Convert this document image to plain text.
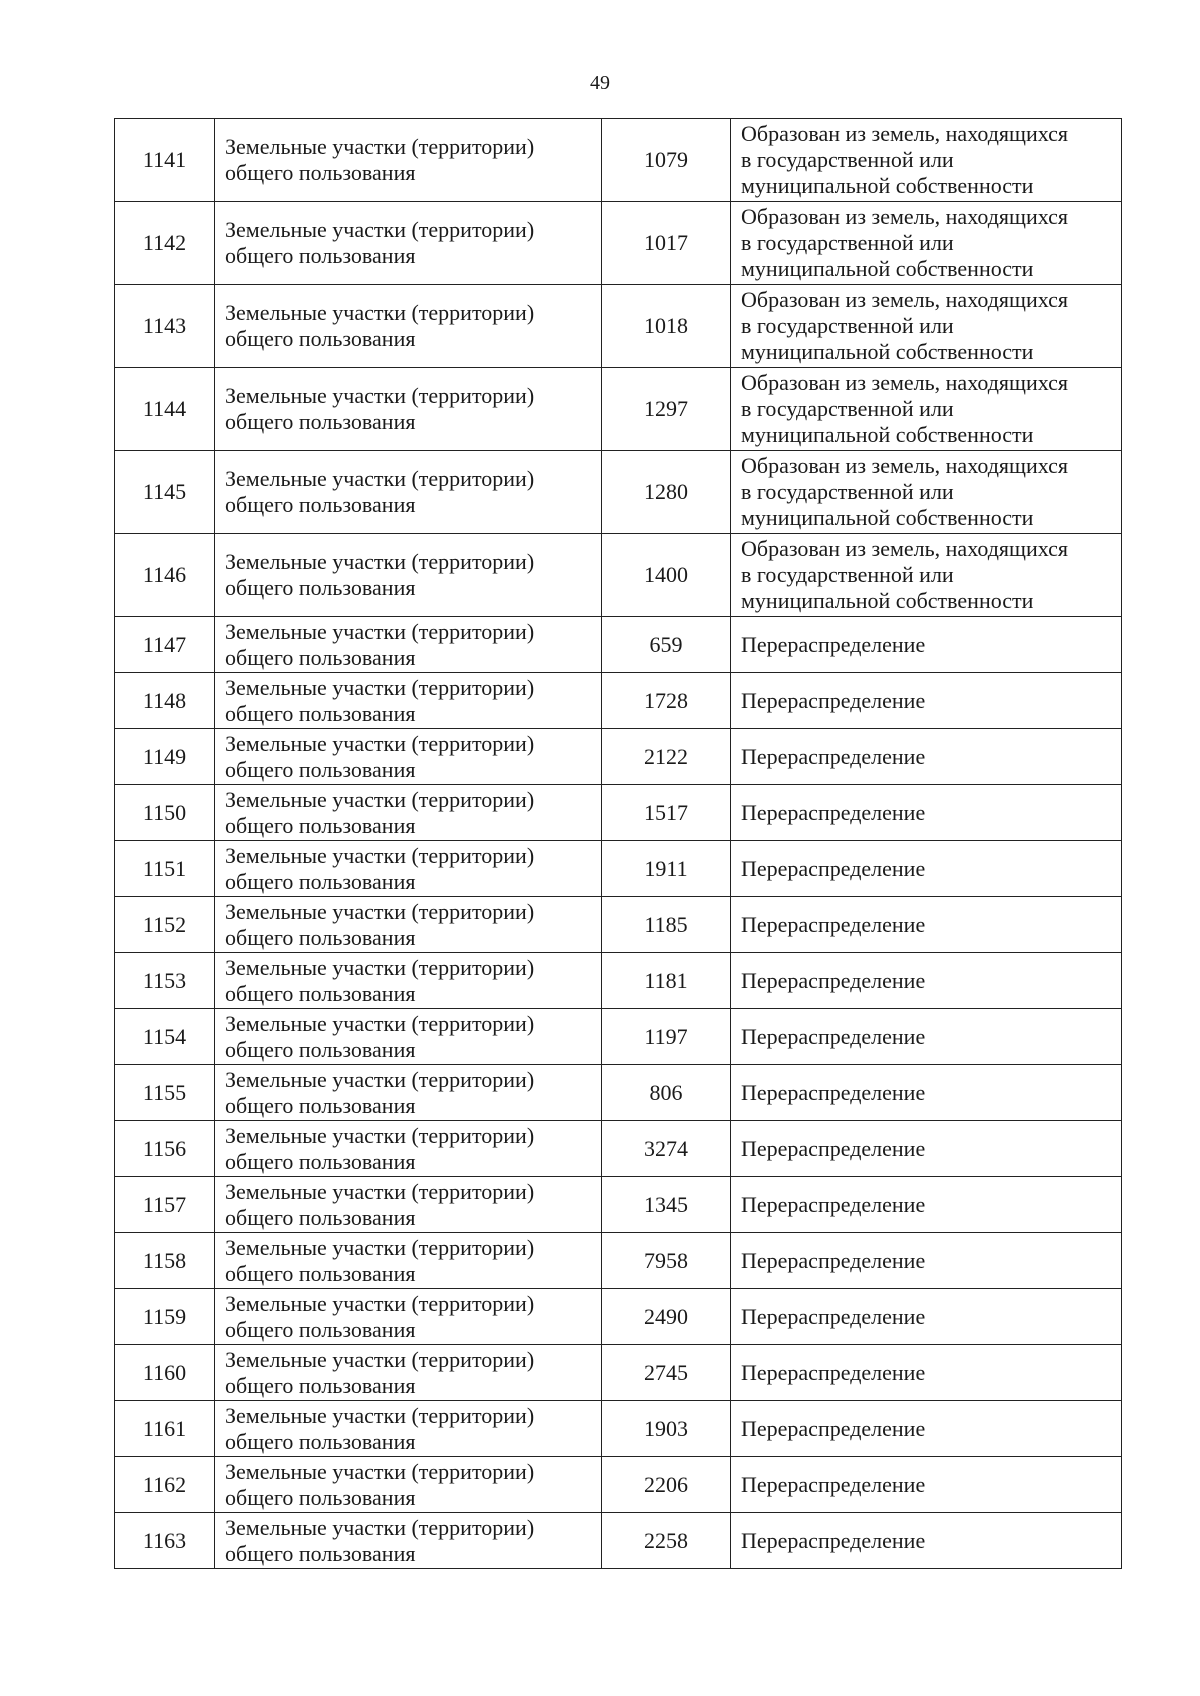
49
1141	Земельные участки (территории)
общего пользования	1079	Образован из земель, находящихся
в государственной или
муниципальной собственности

1142	Земельные участки (территории)
общего пользования	1017	Образован из земель, находящихся
в государственной или
муниципальной собственности

1143	Земельные участки (территории)
общего пользования	1018	Образован из земель, находящихся
в государственной или
муниципальной собственности

1144	Земельные участки (территории)
общего пользования	1297	Образован из земель, находящихся
в государственной или
муниципальной собственности

1145	Земельные участки (территории)
общего пользования	1280	Образован из земель, находящихся
в государственной или
муниципальной собственности

1146	Земельные участки (территории)
общего пользования	1400	Образован из земель, находящихся
в государственной или
муниципальной собственности

1147	Земельные участки (территории)
общего пользования	659	Перераспределение

1148	Земельные участки (территории)
общего пользования	1728	Перераспределение

1149	Земельные участки (территории)
общего пользования	2122	Перераспределение

1150	Земельные участки (территории)
общего пользования	1517	Перераспределение

1151	Земельные участки (территории)
общего пользования	1911	Перераспределение

1152	Земельные участки (территории)
общего пользования	1185	Перераспределение

1153	Земельные участки (территории)
общего пользования	1181	Перераспределение

1154	Земельные участки (территории)
общего пользования	1197	Перераспределение

1155	Земельные участки (территории)
общего пользования	806	Перераспределение

1156	Земельные участки (территории)
общего пользования	3274	Перераспределение

1157	Земельные участки (территории)
общего пользования	1345	Перераспределение

1158	Земельные участки (территории)
общего пользования	7958	Перераспределение

1159	Земельные участки (территории)
общего пользования	2490	Перераспределение

1160	Земельные участки (территории)
общего пользования	2745	Перераспределение

1161	Земельные участки (территории)
общего пользования	1903	Перераспределение

1162	Земельные участки (территории)
общего пользования	2206	Перераспределение

1163	Земельные участки (территории)
общего пользования	2258	Перераспределение
